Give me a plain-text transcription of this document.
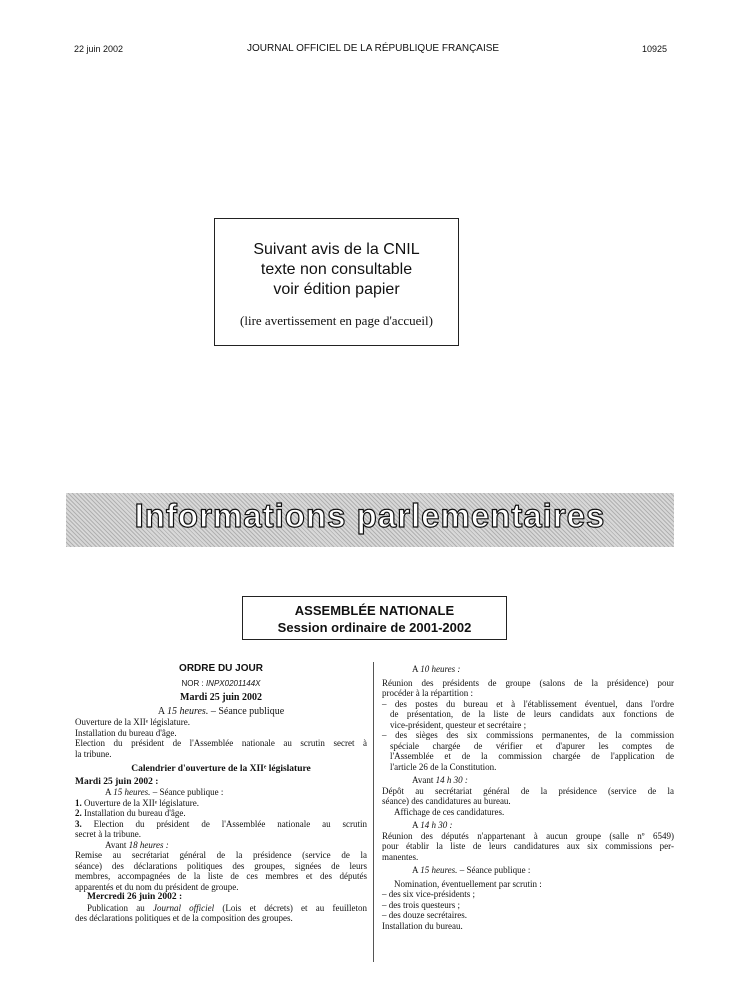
22 juin 2002	JOURNAL OFFICIEL DE LA RÉPUBLIQUE FRANÇAISE	10925
Suivant avis de la CNIL
texte non consultable
voir édition papier
(lire avertissement en page d'accueil)
Informations parlementaires
ASSEMBLÉE NATIONALE
Session ordinaire de 2001-2002
ORDRE DU JOUR
NOR : INPX0201144X
Mardi 25 juin 2002
A 15 heures. – Séance publique
Ouverture de la XIIᵉ législature.
Installation du bureau d'âge.
Election du président de l'Assemblée nationale au scrutin secret à
la tribune.
Calendrier d'ouverture de la XIIᵉ législature
Mardi 25 juin 2002 :
A 15 heures. – Séance publique :
1. Ouverture de la XIIᵉ législature.
2. Installation du bureau d'âge.
3. Election du président de l'Assemblée nationale au scrutin
secret à la tribune.
Avant 18 heures :
Remise au secrétariat général de la présidence (service de la
séance) des déclarations politiques des groupes, signées de leurs
membres, accompagnées de la liste de ces membres et des députés
apparentés et du nom du président de groupe.
Mercredi 26 juin 2002 :
Publication au Journal officiel (Lois et décrets) et au feuilleton
des déclarations politiques et de la composition des groupes.
A 10 heures :
Réunion des présidents de groupe (salons de la présidence) pour
procéder à la répartition :
– des postes du bureau et à l'établissement éventuel, dans l'ordre
de présentation, de la liste de leurs candidats aux fonctions de
vice-président, questeur et secrétaire ;
– des sièges des six commissions permanentes, de la commission
spéciale chargée de vérifier et d'apurer les comptes de
l'Assemblée et de la commission chargée de l'application de
l'article 26 de la Constitution.
Avant 14 h 30 :
Dépôt au secrétariat général de la présidence (service de la
séance) des candidatures au bureau.
Affichage de ces candidatures.
A 14 h 30 :
Réunion des députés n'appartenant à aucun groupe (salle nº 6549)
pour établir la liste de leurs candidatures aux six commissions per-
manentes.
A 15 heures. – Séance publique :
Nomination, éventuellement par scrutin :
– des six vice-présidents ;
– des trois questeurs ;
– des douze secrétaires.
Installation du bureau.
